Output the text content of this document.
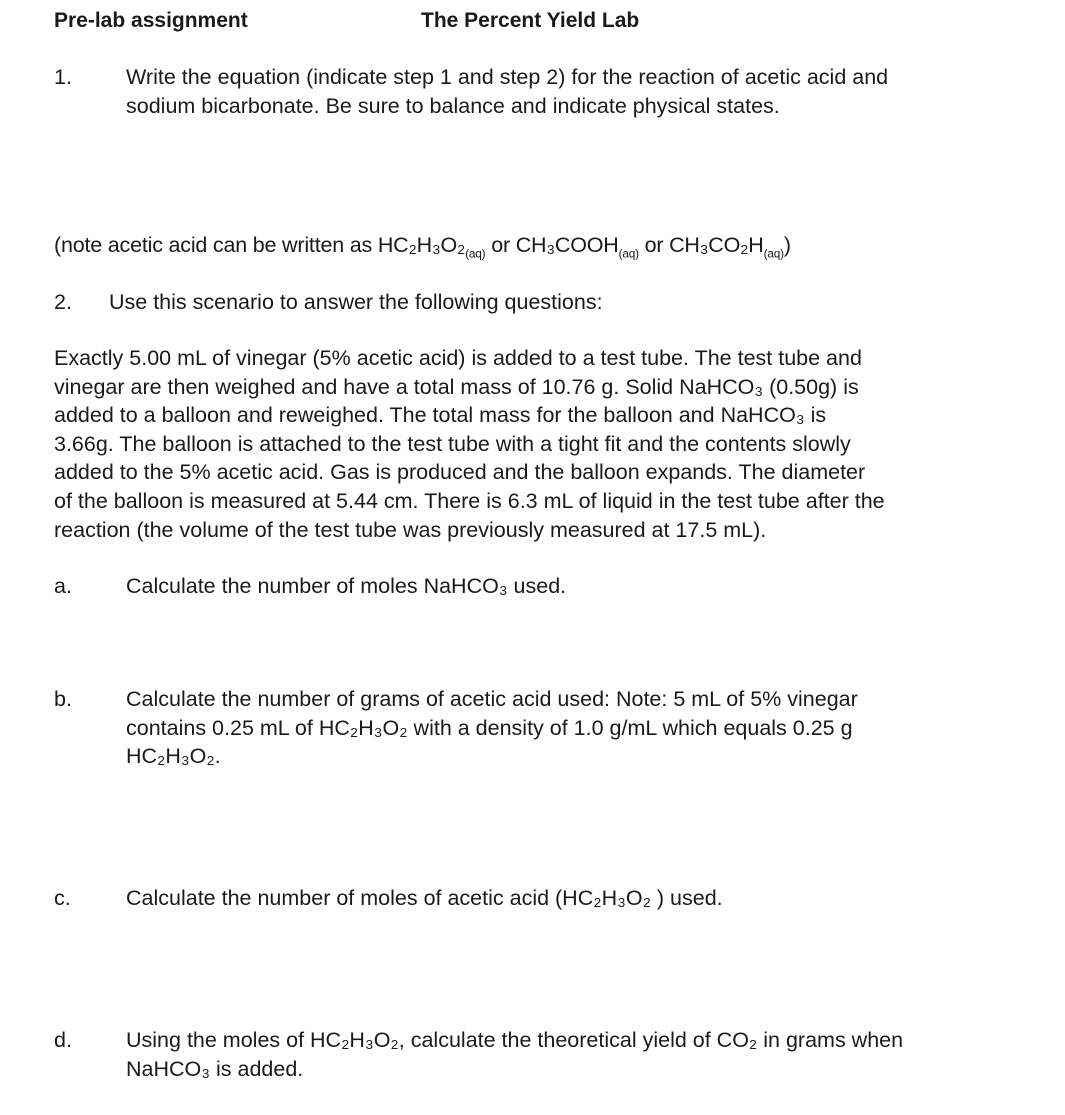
Pre-lab assignment	The Percent Yield Lab
1.	Write the equation (indicate step 1 and step 2) for the reaction of acetic acid and
sodium bicarbonate. Be sure to balance and indicate physical states.
(note acetic acid can be written as $HC_2H_3O_2_{(aq)}$ or $CH_3COOH_{(aq)}$ or $CH_3CO_2H_{(aq)}$)
2. Use this scenario to answer the following questions:
Exactly 5.00 mL of vinegar (5% acetic acid) is added to a test tube. The test tube and
vinegar are then weighed and have a total mass of 10.76 g. Solid NaHCO₃ (0.50g) is
added to a balloon and reweighed. The total mass for the balloon and NaHCO₃ is
3.66g. The balloon is attached to the test tube with a tight fit and the contents slowly
added to the 5% acetic acid. Gas is produced and the balloon expands. The diameter
of the balloon is measured at 5.44 cm. There is 6.3 mL of liquid in the test tube after the
reaction (the volume of the test tube was previously measured at 17.5 mL).
a.	Calculate the number of moles NaHCO₃ used.
b.	Calculate the number of grams of acetic acid used: Note: 5 mL of 5% vinegar
contains 0.25 mL of HC₂H₃O₂ with a density of 1.0 g/mL which equals 0.25 g
HC₂H₃O₂.
c.	Calculate the number of moles of acetic acid (HC₂H₃O₂ ) used.
d.	Using the moles of HC₂H₃O₂, calculate the theoretical yield of CO₂ in grams when
NaHCO₃ is added.
